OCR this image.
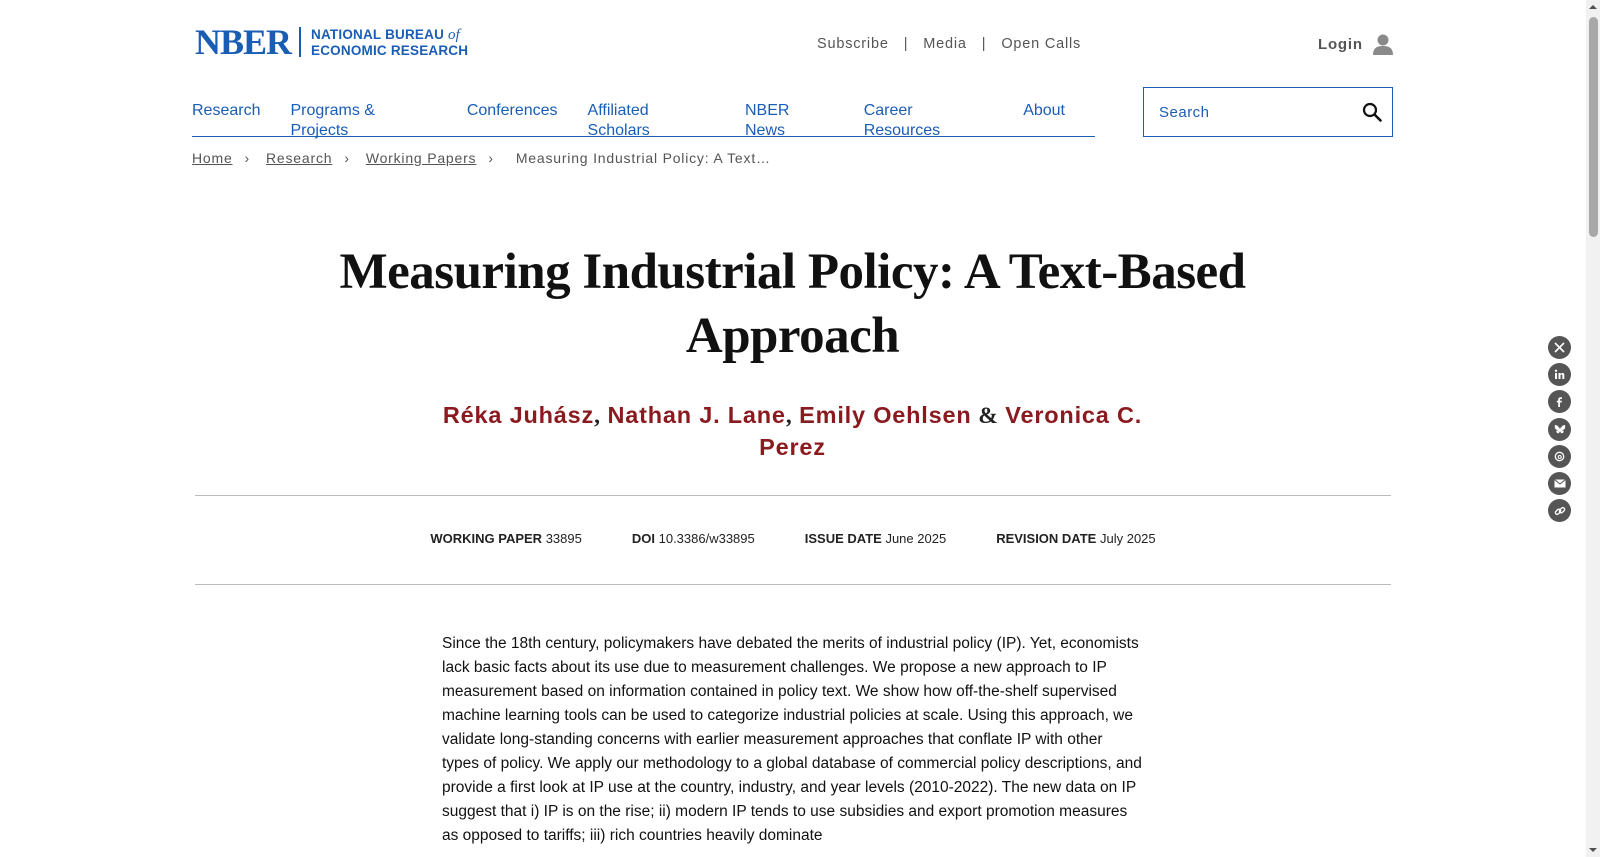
NBER NATIONAL BUREAU of
ECONOMIC RESEARCH	Subscribe | Media | Open Calls	Login
Research Programs & Projects
Conferences Affiliated Scholars
NBER News
Career Resources
About
Search
Home › Research › Working Papers › Measuring Industrial Policy: A Text…
Measuring Industrial Policy: A Text-Based Approach
Réka Juhász, Nathan J. Lane, Emily Oehlsen & Veronica C. Perez
WORKING PAPER 33895	DOI 10.3386/w33895	ISSUE DATE June 2025	REVISION DATE July 2025

Since the 18th century, policymakers have debated the merits of industrial policy (IP). Yet, economists lack basic facts about its use due to measurement challenges. We propose a new approach to IP measurement based on information contained in policy text. We show how off-the-shelf supervised machine learning tools can be used to categorize industrial policies at scale. Using this approach, we validate long-standing concerns with earlier measurement approaches that conflate IP with other types of policy. We apply our methodology to a global database of commercial policy descriptions, and provide a first look at IP use at the country, industry, and year levels (2010-2022). The new data on IP suggest that i) IP is on the rise; ii) modern IP tends to use subsidies and export promotion measures as opposed to tariffs; iii) rich countries heavily dominate
